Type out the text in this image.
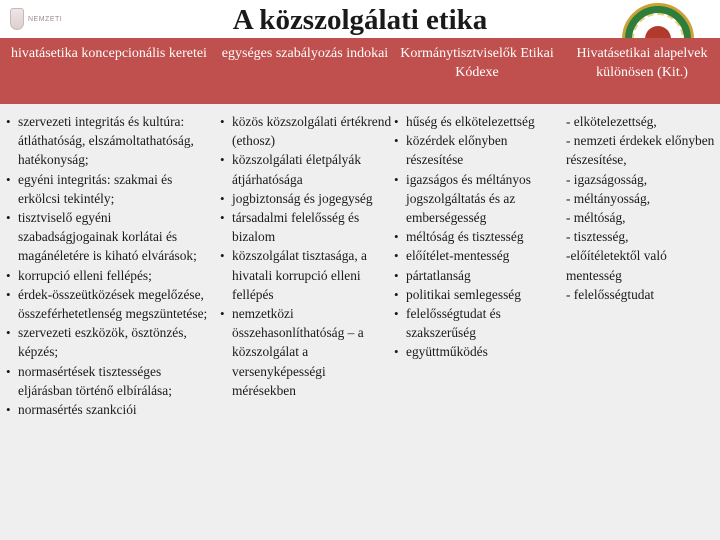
NEMZETI
hivatásetika koncepcionális keretei	egységes szabályozás indokai Kormánytisztviselők Etikai Kódexe
Hivatásetikai alapelvek különösen (Kit.)
A közszolgálati etika
• szervezeti integritás és kultúra: átláthatóság, elszámoltathatóság, hatékonyság;
• egyéni integritás: szakmai és erkölcsi tekintély;
• tisztviselő egyéni szabadságjogainak korlátai és magánéletére is kiható elvárások;
• korrupció elleni fellépés;
• érdek-összeütközések megelőzése, összeférhetetlenség megszüntetése;
• szervezeti eszközök, ösztönzés, képzés;
• normasértések tisztességes eljárásban történő elbírálása;
• normasértés szankciói
• közös közszolgálati értékrend (ethosz)
• közszolgálati életpályák átjárhatósága
• jogbiztonság és jogegység
• társadalmi felelősség és bizalom
• közszolgálat tisztasága, a hivatali korrupció elleni fellépés
• nemzetközi összehasonlíthatóság – a közszolgálat a versenyképességi mérésekben
• hűség és elkötelezettség
• közérdek előnyben részesítése
• igazságos és méltányos jogszolgáltatás és az emberségesség
• méltóság és tisztesség
• előítélet-mentesség
• pártatlanság
• politikai semlegesség
• felelősségtudat és szakszerűség
• együttműködés
- elkötelezettség,
- nemzeti érdekek előnyben részesítése,
- igazságosság,
- méltányosság,
- méltóság,
- tisztesség,
-előítéletektől való mentesség
- felelősségtudat
